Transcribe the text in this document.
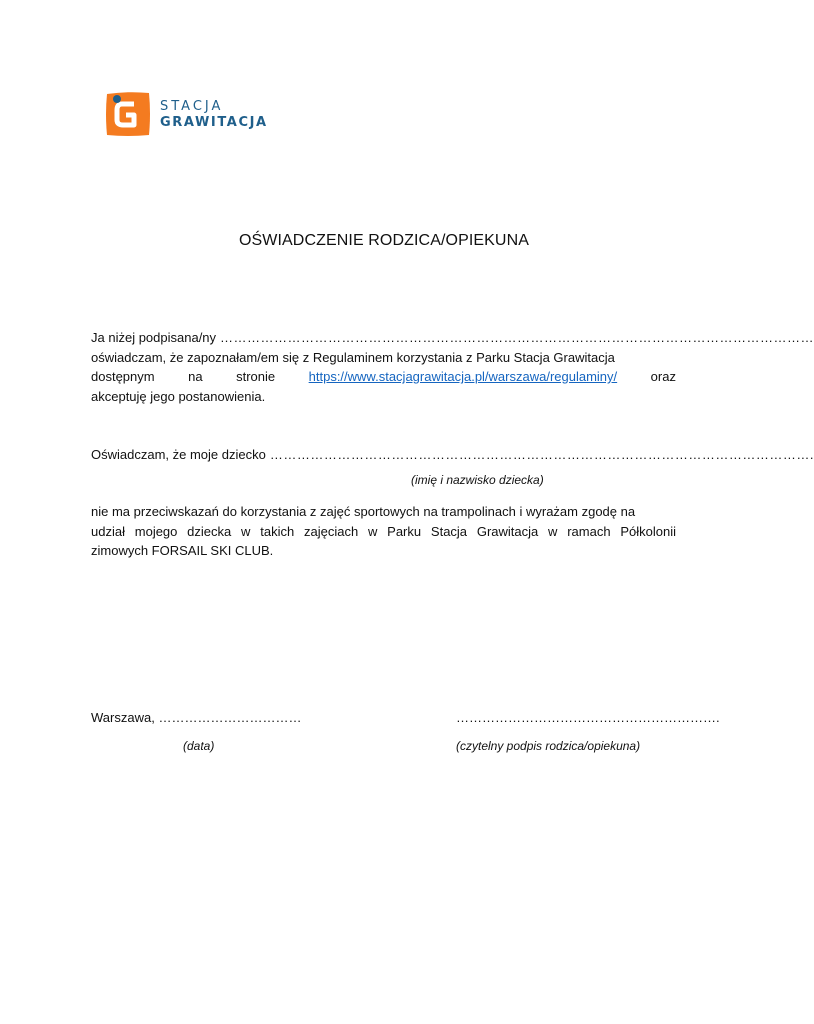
STACJA
GRAWITACJA
OŚWIADCZENIE RODZICA/OPIEKUNA
Ja niżej podpisana/ny ……………………………………………………………………………………………………………………
oświadczam, że zapoznałam/em się z Regulaminem korzystania z Parku Stacja Grawitacja
dostępnym	na	stronie	https://www.stacjagrawitacja.pl/warszawa/regulaminy/	oraz
akceptuję jego postanowienia.
Oświadczam, że moje dziecko ………………………………………………………………………………………………………….
(imię i nazwisko dziecka)
nie ma przeciwskazań do korzystania z zajęć sportowych na trampolinach i wyrażam zgodę na
udział mojego dziecka w takich zajęciach w Parku Stacja Grawitacja w ramach Półkolonii
zimowych FORSAIL SKI CLUB.
Warszawa, ……………………………	…………………………………………………….
(data)	(czytelny podpis rodzica/opiekuna)
